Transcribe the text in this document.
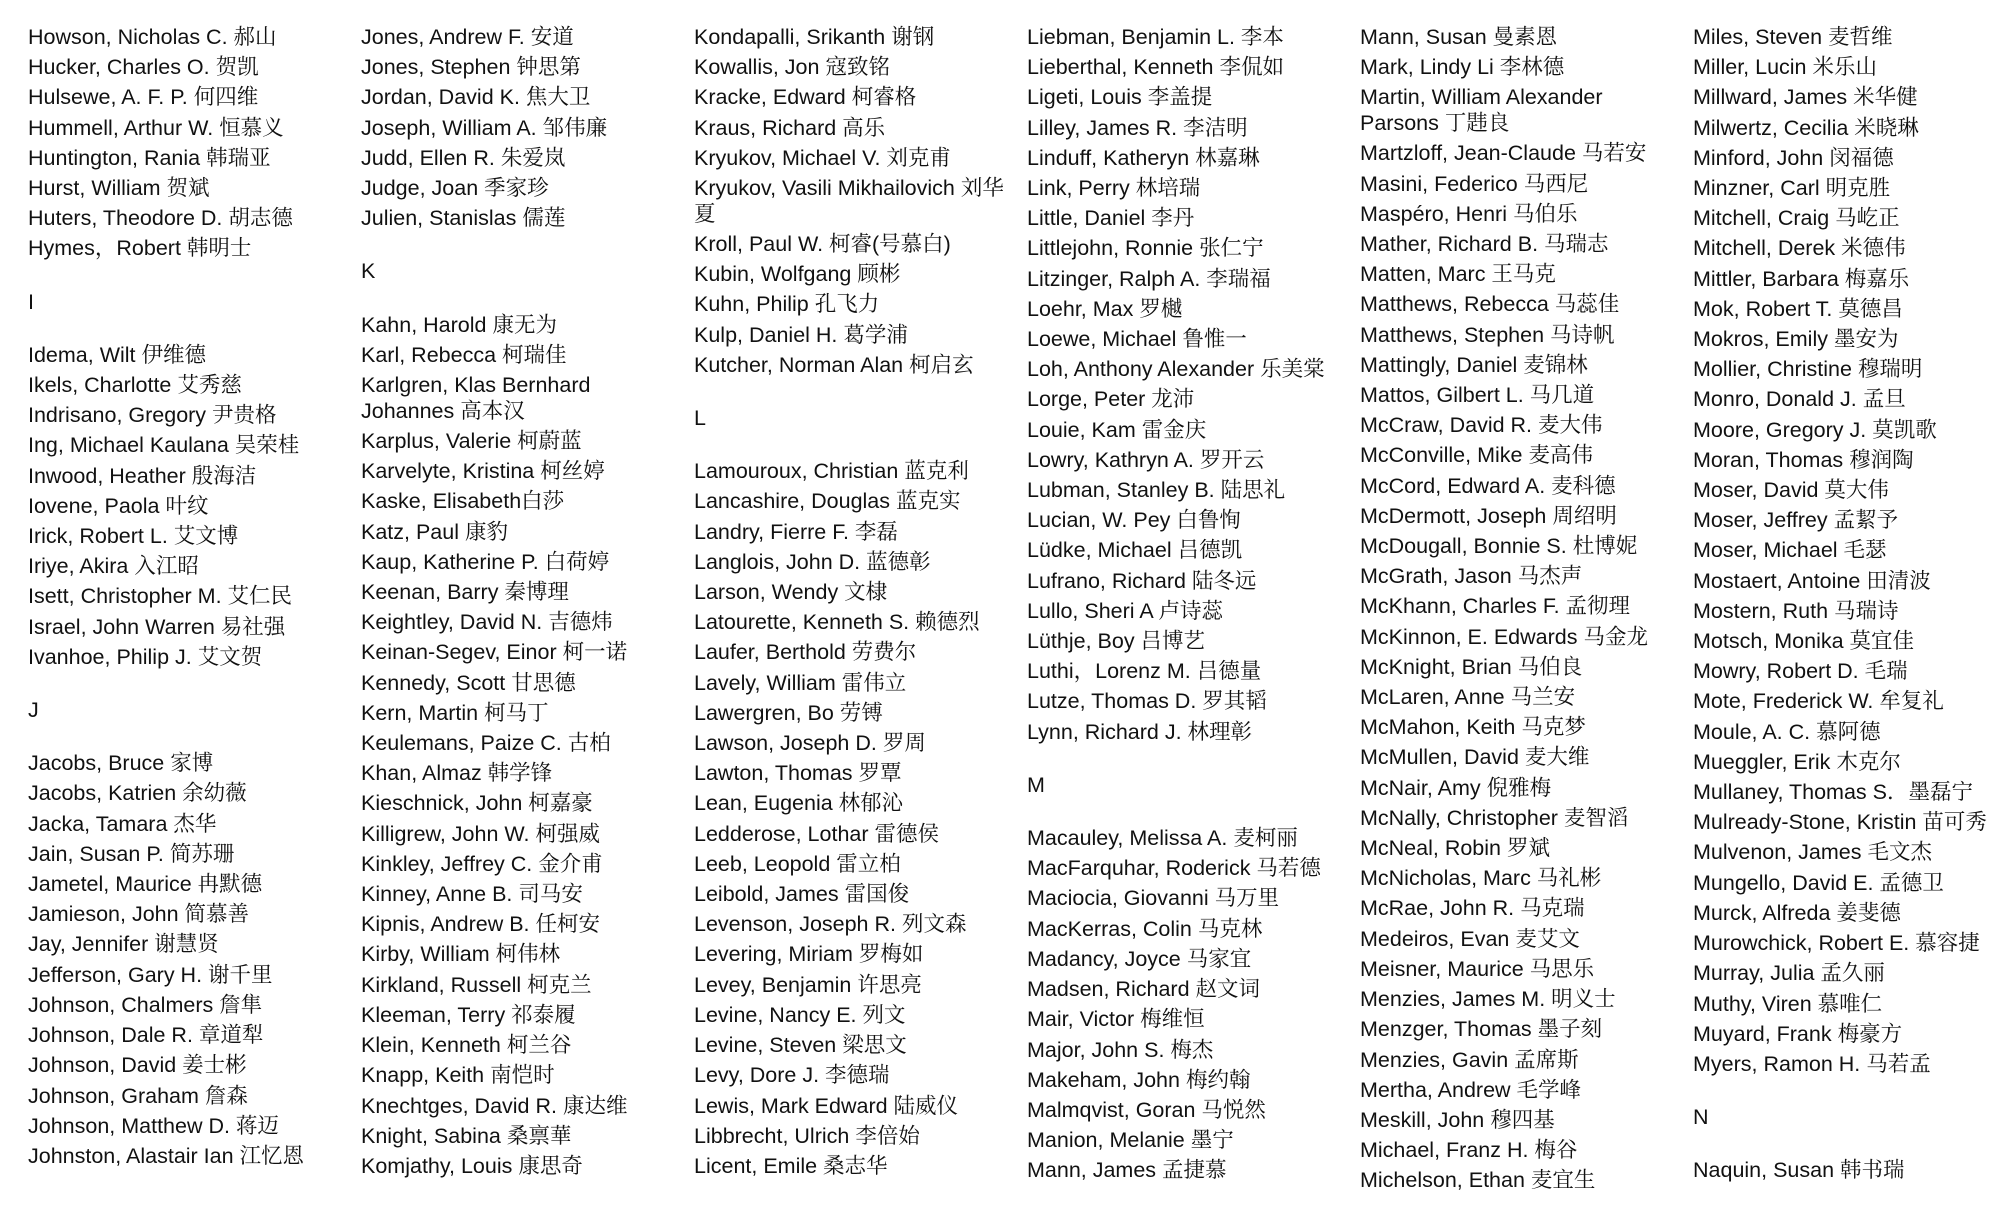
Howson, Nicholas C. 郝山
Hucker, Charles O. 贺凯
Hulsewe, A. F. P. 何四维
Hummell, Arthur W. 恒慕义
Huntington, Rania 韩瑞亚
Hurst, William 贺斌
Huters, Theodore D. 胡志德
Hymes，Robert 韩明士
I
Idema, Wilt 伊维德
Ikels, Charlotte 艾秀慈
Indrisano, Gregory 尹贵格
Ing, Michael Kaulana 吴荣桂
Inwood, Heather 殷海洁
Iovene, Paola 叶纹
Irick, Robert L. 艾文博
Iriye, Akira 入江昭
Isett, Christopher M. 艾仁民
Israel, John Warren 易社强
Ivanhoe, Philip J. 艾文贺
J
Jacobs, Bruce 家博
Jacobs, Katrien 余幼薇
Jacka, Tamara 杰华
Jain, Susan P. 简苏珊
Jametel, Maurice 冉默德
Jamieson, John 简慕善
Jay, Jennifer 谢慧贤
Jefferson, Gary H. 谢千里
Johnson, Chalmers 詹隼
Johnson, Dale R. 章道犁
Johnson, David 姜士彬
Johnson, Graham 詹森
Johnson, Matthew D. 蒋迈
Johnston, Alastair Ian 江忆恩
Jones, Andrew F. 安道
Jones, Stephen 钟思第
Jordan, David K. 焦大卫
Joseph, William A. 邹伟廉
Judd, Ellen R. 朱爱岚
Judge, Joan 季家珍
Julien, Stanislas 儒莲
K
Kahn, Harold 康无为
Karl, Rebecca 柯瑞佳
Karlgren, Klas Bernhard Johannes 高本汉
Karplus, Valerie 柯蔚蓝
Karvelyte, Kristina 柯丝婷
Kaske, Elisabeth白莎
Katz, Paul 康豹
Kaup, Katherine P. 白荷婷
Keenan, Barry 秦博理
Keightley, David N. 吉德炜
Keinan-Segev, Einor 柯一诺
Kennedy, Scott 甘思德
Kern, Martin 柯马丁
Keulemans, Paize C. 古柏
Khan, Almaz 韩学锋
Kieschnick, John 柯嘉豪
Killigrew, John W. 柯强威
Kinkley, Jeffrey C. 金介甫
Kinney, Anne B. 司马安
Kipnis, Andrew B. 任柯安
Kirby, William 柯伟林
Kirkland, Russell 柯克兰
Kleeman, Terry 祁泰履
Klein, Kenneth 柯兰谷
Knapp, Keith 南恺时
Knechtges, David R. 康达维
Knight, Sabina 桑禀華
Komjathy, Louis 康思奇
Kondapalli, Srikanth 谢钢
Kowallis, Jon 寇致铭
Kracke, Edward 柯睿格
Kraus, Richard 高乐
Kryukov, Michael V. 刘克甫
Kryukov, Vasili Mikhailovich 刘华夏
Kroll, Paul W. 柯睿(号慕白)
Kubin, Wolfgang 顾彬
Kuhn, Philip 孔飞力
Kulp, Daniel H. 葛学浦
Kutcher, Norman Alan 柯启玄
L
Lamouroux, Christian 蓝克利
Lancashire, Douglas 蓝克实
Landry, Fierre F. 李磊
Langlois, John D. 蓝德彰
Larson, Wendy 文棣
Latourette, Kenneth S. 赖德烈
Laufer, Berthold 劳费尔
Lavely, William 雷伟立
Lawergren, Bo 劳镈
Lawson, Joseph D. 罗周
Lawton, Thomas 罗覃
Lean, Eugenia 林郁沁
Ledderose, Lothar 雷德侯
Leeb, Leopold 雷立柏
Leibold, James 雷国俊
Levenson, Joseph R. 列文森
Levering, Miriam 罗梅如
Levey, Benjamin 许思亮
Levine, Nancy E. 列文
Levine, Steven 梁思文
Levy, Dore J. 李德瑞
Lewis, Mark Edward 陆威仪
Libbrecht, Ulrich 李倍始
Licent, Emile 桑志华
Liebman, Benjamin L. 李本
Lieberthal, Kenneth 李侃如
Ligeti, Louis 李盖提
Lilley, James R. 李洁明
Linduff, Katheryn 林嘉琳
Link, Perry 林培瑞
Little, Daniel 李丹
Littlejohn, Ronnie 张仁宁
Litzinger, Ralph A. 李瑞福
Loehr, Max 罗樾
Loewe, Michael 鲁惟一
Loh, Anthony Alexander 乐美棠
Lorge, Peter 龙沛
Louie, Kam 雷金庆
Lowry, Kathryn A. 罗开云
Lubman, Stanley B. 陆思礼
Lucian, W. Pey 白鲁恂
Lüdke, Michael 吕德凯
Lufrano, Richard 陆冬远
Lullo, Sheri A 卢诗蕊
Lüthje, Boy 吕博艺
Luthi，Lorenz M. 吕德量
Lutze, Thomas D. 罗其韬
Lynn, Richard J. 林理彰
M
Macauley, Melissa A. 麦柯丽
MacFarquhar, Roderick 马若德
Maciocia, Giovanni 马万里
MacKerras, Colin 马克林
Madancy, Joyce 马家宜
Madsen, Richard 赵文词
Mair, Victor 梅维恒
Major, John S. 梅杰
Makeham, John 梅约翰
Malmqvist, Goran 马悦然
Manion, Melanie 墨宁
Mann, James 孟捷慕
Mann, Susan 曼素恩
Mark, Lindy Li 李林德
Martin, William Alexander Parsons 丁韪良
Martzloff, Jean-Claude 马若安
Masini, Federico 马西尼
Maspéro, Henri 马伯乐
Mather, Richard B. 马瑞志
Matten, Marc 王马克
Matthews, Rebecca 马蕊佳
Matthews, Stephen 马诗帆
Mattingly, Daniel 麦锦林
Mattos, Gilbert L. 马几道
McCraw, David R. 麦大伟
McConville, Mike 麦高伟
McCord, Edward A. 麦科德
McDermott, Joseph 周绍明
McDougall, Bonnie S. 杜博妮
McGrath, Jason 马杰声
McKhann, Charles F. 孟彻理
McKinnon, E. Edwards 马金龙
McKnight, Brian 马伯良
McLaren, Anne 马兰安
McMahon, Keith 马克梦
McMullen, David 麦大维
McNair, Amy 倪雅梅
McNally, Christopher 麦智滔
McNeal, Robin 罗斌
McNicholas, Marc 马礼彬
McRae, John R. 马克瑞
Medeiros, Evan 麦艾文
Meisner, Maurice 马思乐
Menzies, James M. 明义士
Menzger, Thomas 墨子刻
Menzies, Gavin 孟席斯
Mertha, Andrew 毛学峰
Meskill, John 穆四基
Michael, Franz H. 梅谷
Michelson, Ethan 麦宜生
Miles, Steven 麦哲维
Miller, Lucin 米乐山
Millward, James 米华健
Milwertz, Cecilia 米晓琳
Minford, John 闵福德
Minzner, Carl 明克胜
Mitchell, Craig 马屹正
Mitchell, Derek 米德伟
Mittler, Barbara 梅嘉乐
Mok, Robert T. 莫德昌
Mokros, Emily 墨安为
Mollier, Christine 穆瑞明
Monro, Donald J. 孟旦
Moore, Gregory J. 莫凯歌
Moran, Thomas 穆润陶
Moser, David 莫大伟
Moser, Jeffrey 孟絜予
Moser, Michael 毛瑟
Mostaert, Antoine 田清波
Mostern, Ruth 马瑞诗
Motsch, Monika 莫宜佳
Mowry, Robert D. 毛瑞
Mote, Frederick W. 牟复礼
Moule, A. C. 慕阿德
Mueggler, Erik 木克尔
Mullaney, Thomas S．墨磊宁
Mulready-Stone, Kristin 苗可秀
Mulvenon, James 毛文杰
Mungello, David E. 孟德卫
Murck, Alfreda 姜斐德
Murowchick, Robert E. 慕容捷
Murray, Julia 孟久丽
Muthy, Viren 慕唯仁
Muyard, Frank 梅豪方
Myers, Ramon H. 马若孟
N
Naquin, Susan 韩书瑞
